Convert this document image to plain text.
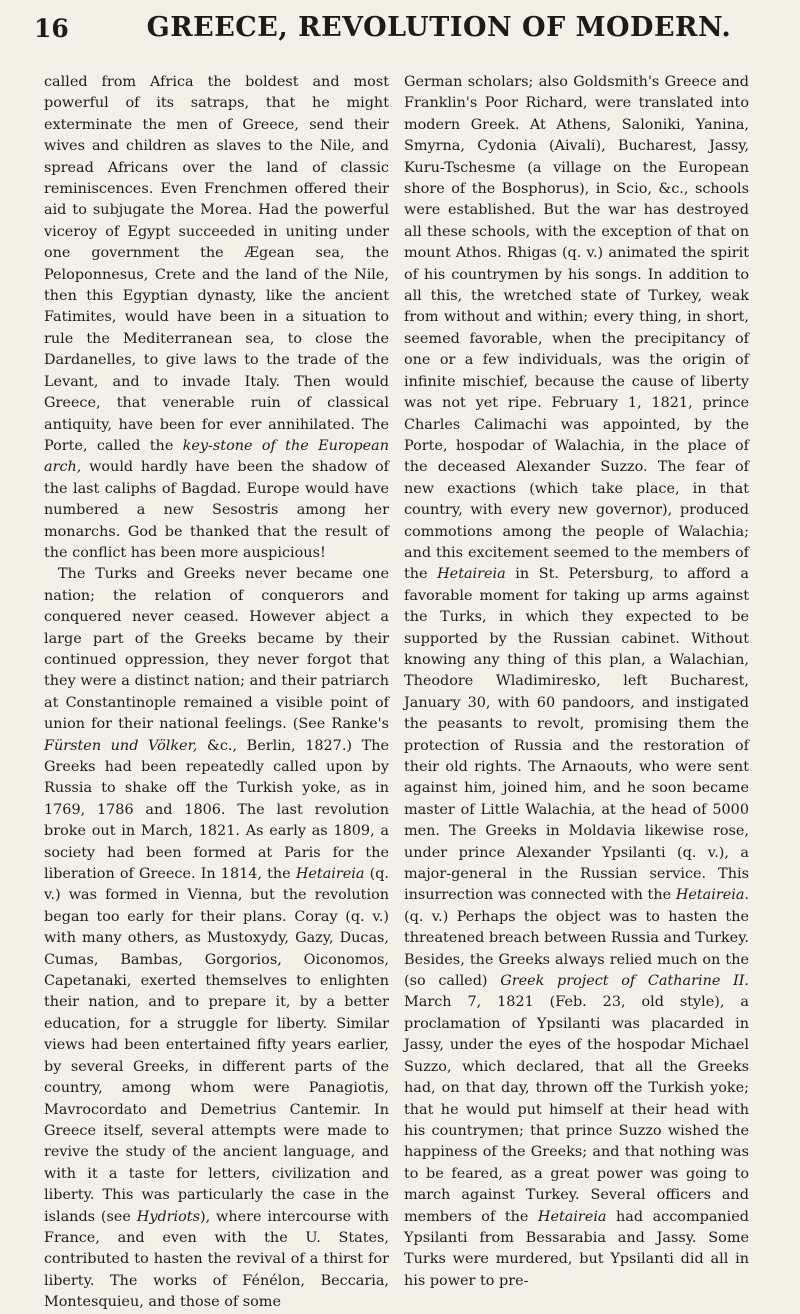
16	GREECE, REVOLUTION OF MODERN.

called from Africa the boldest and most powerful of its satraps, that he might exterminate the men of Greece, send their wives and children as slaves to the Nile, and spread Africans over the land of classic reminiscences. Even Frenchmen offered their aid to subjugate the Morea. Had the powerful viceroy of Egypt succeeded in uniting under one government the Ægean sea, the Peloponnesus, Crete and the land of the Nile, then this Egyptian dynasty, like the ancient Fatimites, would have been in a situation to rule the Mediterranean sea, to close the Dardanelles, to give laws to the trade of the Levant, and to invade Italy. Then would Greece, that venerable ruin of classical antiquity, have been for ever annihilated. The Porte, called the key-stone of the European arch, would hardly have been the shadow of the last caliphs of Bagdad. Europe would have numbered a new Sesostris among her monarchs. God be thanked that the result of the conflict has been more auspicious!

The Turks and Greeks never became one nation; the relation of conquerors and conquered never ceased. However abject a large part of the Greeks became by their continued oppression, they never forgot that they were a distinct nation; and their patriarch at Constantinople remained a visible point of union for their national feelings. (See Ranke's Fürsten und Völker, &c., Berlin, 1827.) The Greeks had been repeatedly called upon by Russia to shake off the Turkish yoke, as in 1769, 1786 and 1806. The last revolution broke out in March, 1821. As early as 1809, a society had been formed at Paris for the liberation of Greece. In 1814, the Hetaireia (q. v.) was formed in Vienna, but the revolution began too early for their plans. Coray (q. v.) with many others, as Mustoxydy, Gazy, Ducas, Cumas, Bambas, Gorgorios, Oiconomos, Capetanaki, exerted themselves to enlighten their nation, and to prepare it, by a better education, for a struggle for liberty. Similar views had been entertained fifty years earlier, by several Greeks, in different parts of the country, among whom were Panagiotis, Mavrocordato and Demetrius Cantemir. In Greece itself, several attempts were made to revive the study of the ancient language, and with it a taste for letters, civilization and liberty. This was particularly the case in the islands (see Hydriots), where intercourse with France, and even with the U. States, contributed to hasten the revival of a thirst for liberty. The works of Fénélon, Beccaria, Montesquieu, and those of some

German scholars; also Goldsmith's Greece and Franklin's Poor Richard, were translated into modern Greek. At Athens, Saloniki, Yanina, Smyrna, Cydonia (Aivali), Bucharest, Jassy, Kuru-Tschesme (a village on the European shore of the Bosphorus), in Scio, &c., schools were established. But the war has destroyed all these schools, with the exception of that on mount Athos. Rhigas (q. v.) animated the spirit of his countrymen by his songs. In addition to all this, the wretched state of Turkey, weak from without and within; every thing, in short, seemed favorable, when the precipitancy of one or a few individuals, was the origin of infinite mischief, because the cause of liberty was not yet ripe. February 1, 1821, prince Charles Calimachi was appointed, by the Porte, hospodar of Walachia, in the place of the deceased Alexander Suzzo. The fear of new exactions (which take place, in that country, with every new governor), produced commotions among the people of Walachia; and this excitement seemed to the members of the Hetaireia in St. Petersburg, to afford a favorable moment for taking up arms against the Turks, in which they expected to be supported by the Russian cabinet. Without knowing any thing of this plan, a Walachian, Theodore Wladimiresko, left Bucharest, January 30, with 60 pandoors, and instigated the peasants to revolt, promising them the protection of Russia and the restoration of their old rights. The Arnaouts, who were sent against him, joined him, and he soon became master of Little Walachia, at the head of 5000 men. The Greeks in Moldavia likewise rose, under prince Alexander Ypsilanti (q. v.), a major-general in the Russian service. This insurrection was connected with the Hetaireia. (q. v.) Perhaps the object was to hasten the threatened breach between Russia and Turkey. Besides, the Greeks always relied much on the (so called) Greek project of Catharine II. March 7, 1821 (Feb. 23, old style), a proclamation of Ypsilanti was placarded in Jassy, under the eyes of the hospodar Michael Suzzo, which declared, that all the Greeks had, on that day, thrown off the Turkish yoke; that he would put himself at their head with his countrymen; that prince Suzzo wished the happiness of the Greeks; and that nothing was to be feared, as a great power was going to march against Turkey. Several officers and members of the Hetaireia had accompanied Ypsilanti from Bessarabia and Jassy. Some Turks were murdered, but Ypsilanti did all in his power to pre-
